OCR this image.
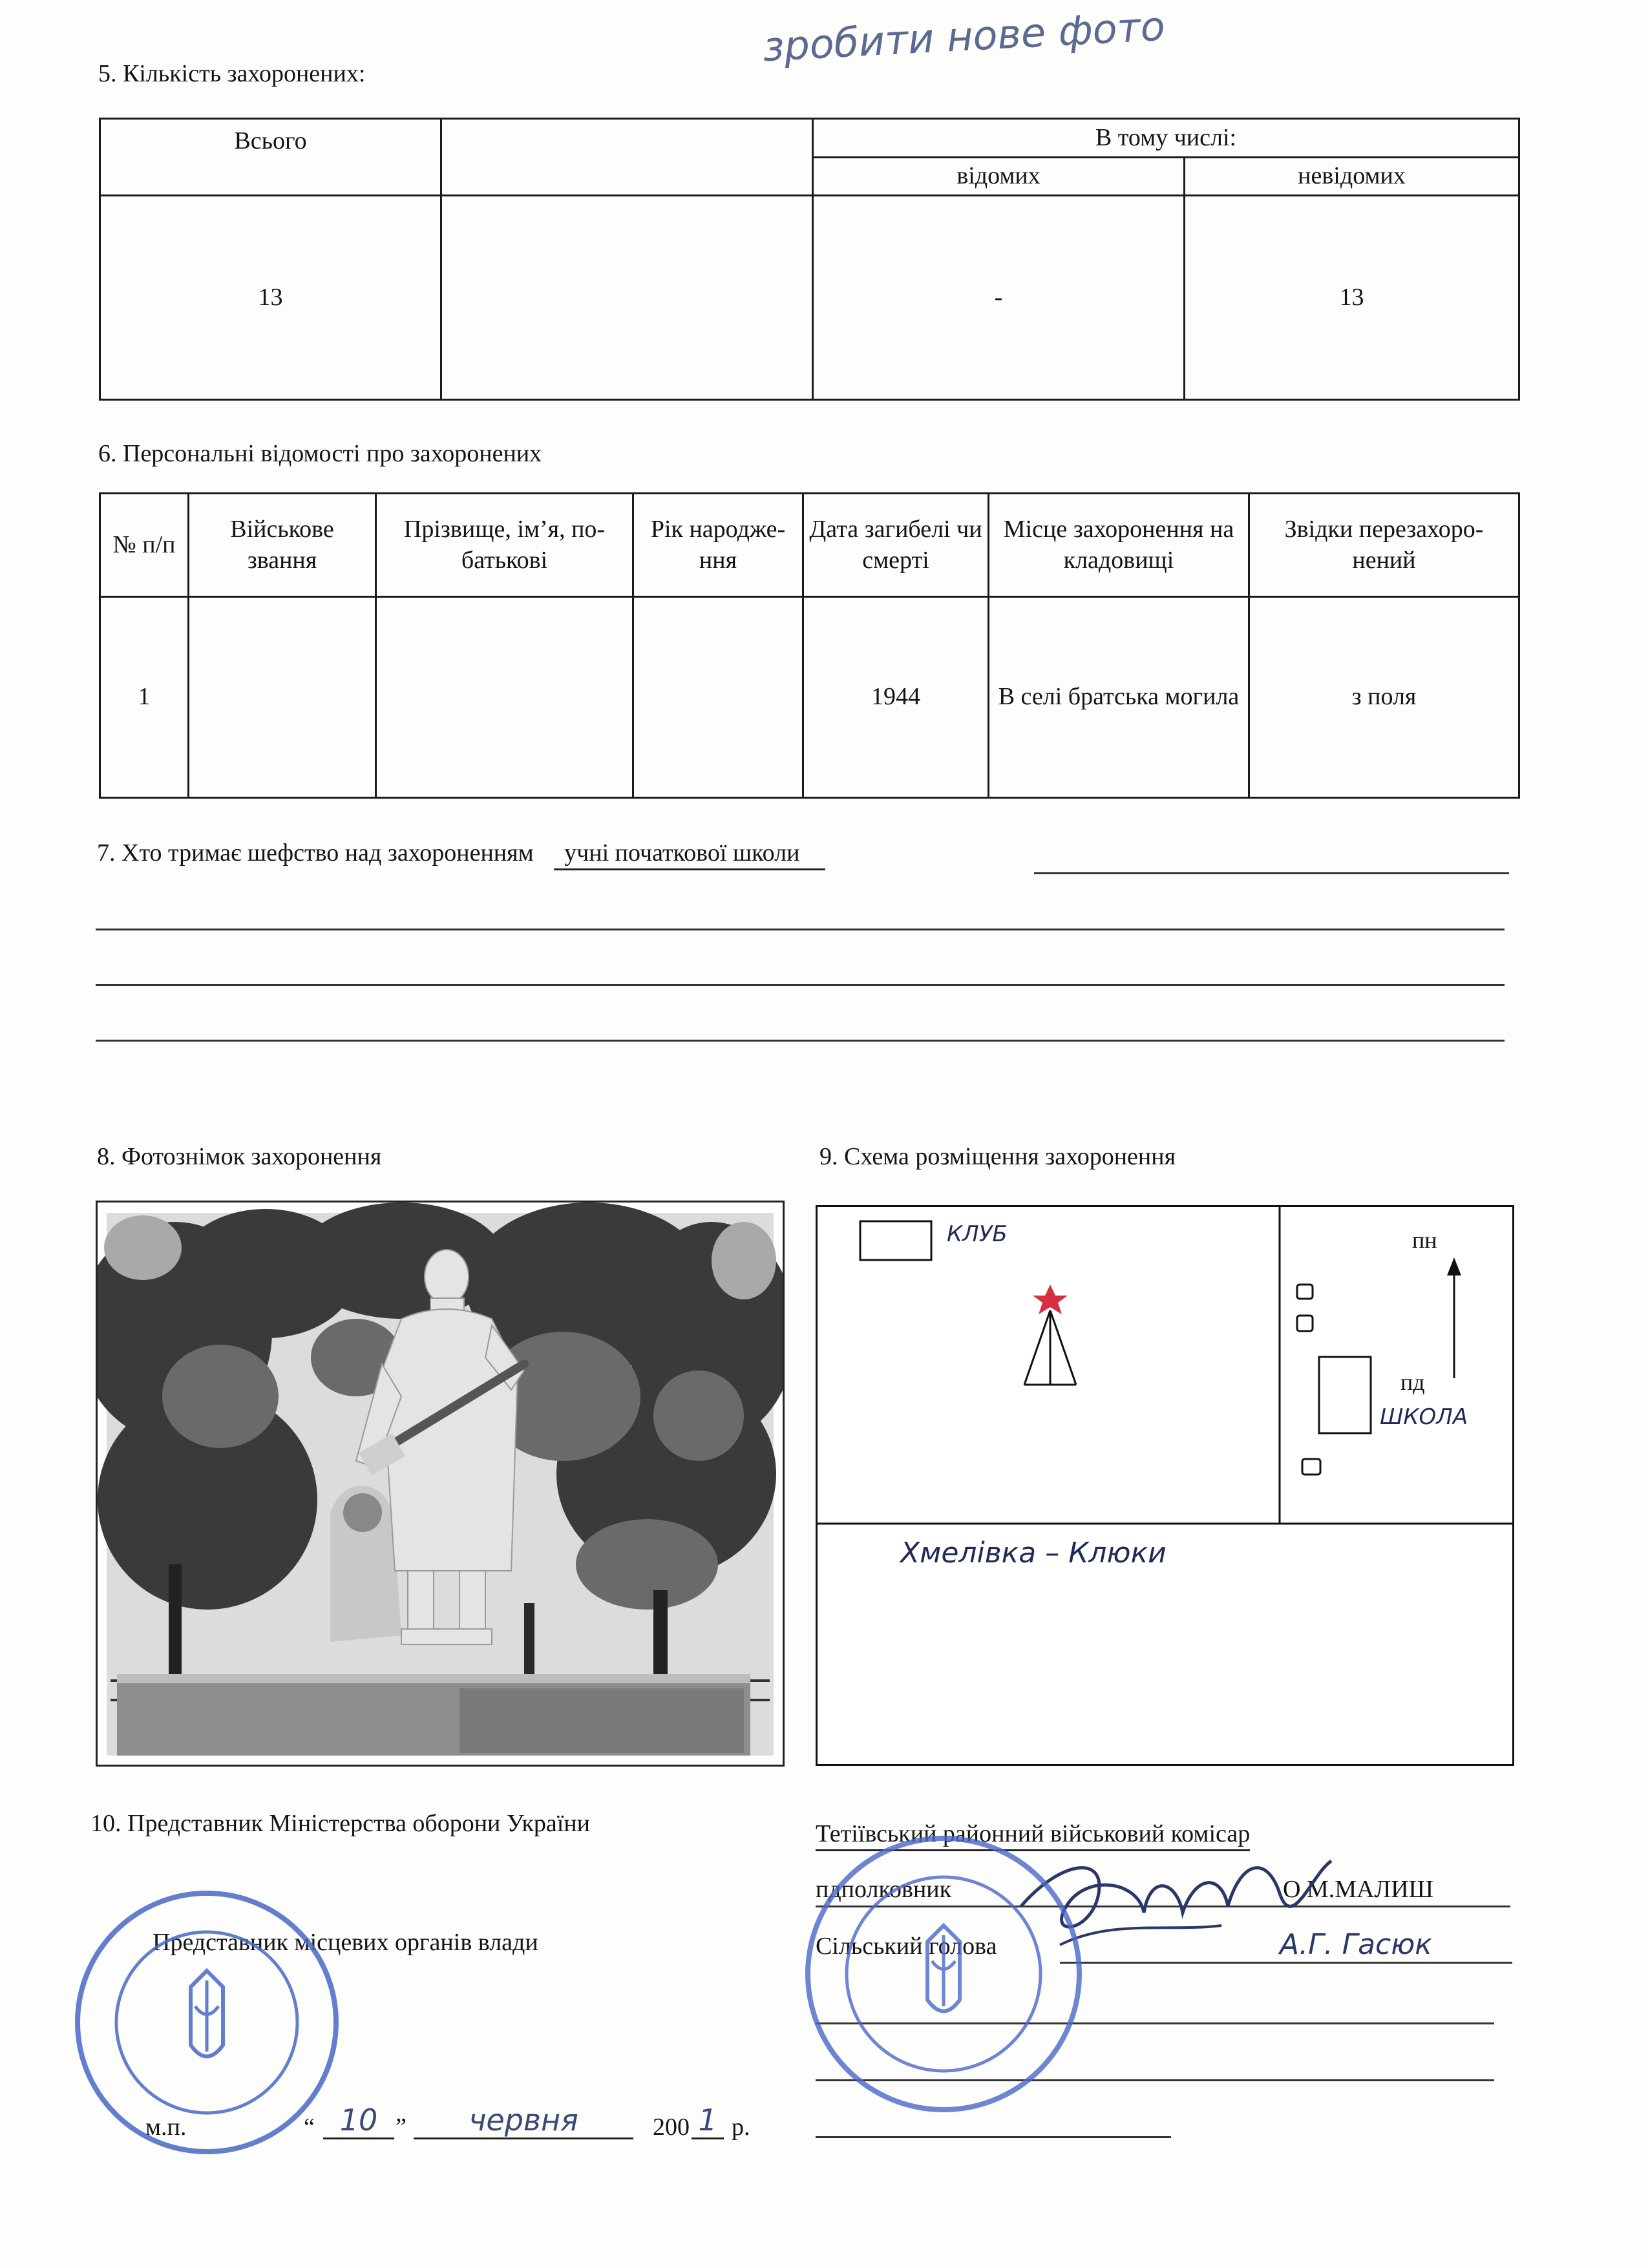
зробити нове фото
5. Кількість захоронених:
Всього		В тому числі:	
		відомих	невідомих
13		-	13
6. Персональні відомості про захоронених
№ п/п	Військове звання	Прізвище, ім’я, по-батькові	Рік народже-ння	Дата загибелі чи смерті	Місце захоронення на кладовищі	Звідки перезахоро-нений
1				1944	В селі братська могила	з поля
7. Хто тримає шефство над захороненням учні початкової школи
8. Фотознімок захоронення	9. Схема розміщення захоронення
КЛУБ	пн
пд
ШКОЛА
Хмелівка – Клюки
10. Представник Міністерства оборони України
Представник місцевих органів влади
Тетіївський районний військовий комісар
пдполковник	О.М.МАЛИШ
Сільський голова	А.Г. Гасюк
м.п.	“ 10 ”	червня	200 1 р.
